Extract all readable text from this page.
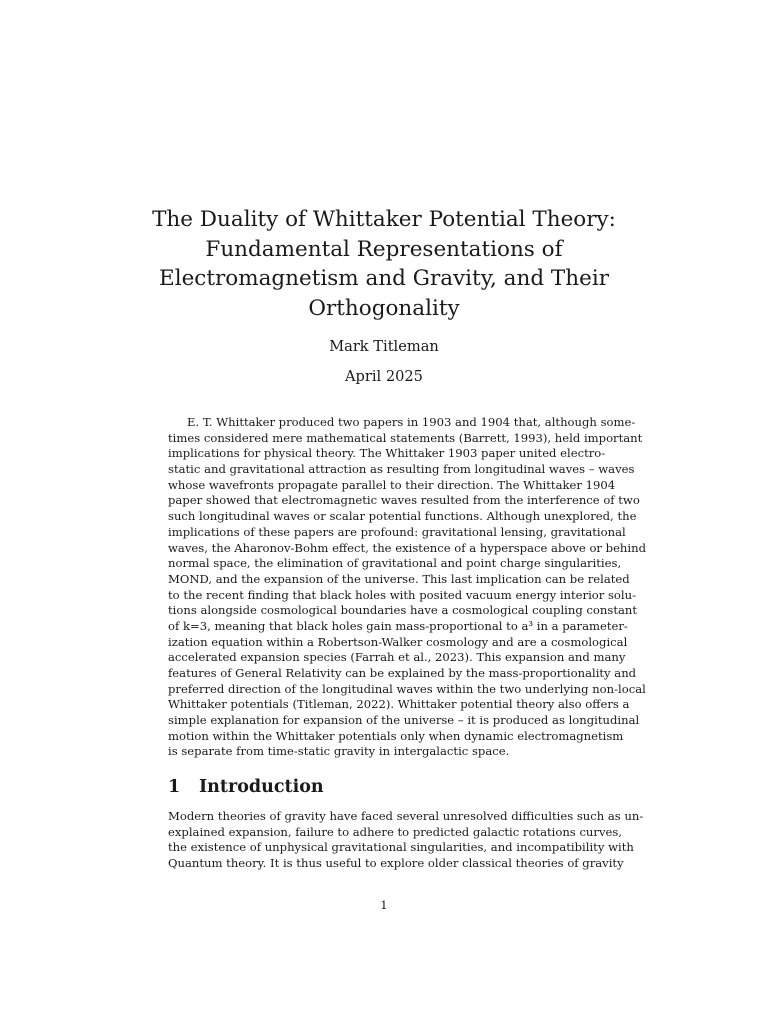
The Duality of Whittaker Potential Theory:
Fundamental Representations of
Electromagnetism and Gravity, and Their
Orthogonality
Mark Titleman
April 2025
E. T. Whittaker produced two papers in 1903 and 1904 that, although some-
times considered mere mathematical statements (Barrett, 1993), held important
implications for physical theory. The Whittaker 1903 paper united electro-
static and gravitational attraction as resulting from longitudinal waves – waves
whose wavefronts propagate parallel to their direction. The Whittaker 1904
paper showed that electromagnetic waves resulted from the interference of two
such longitudinal waves or scalar potential functions. Although unexplored, the
implications of these papers are profound: gravitational lensing, gravitational
waves, the Aharonov-Bohm effect, the existence of a hyperspace above or behind
normal space, the elimination of gravitational and point charge singularities,
MOND, and the expansion of the universe. This last implication can be related
to the recent finding that black holes with posited vacuum energy interior solu-
tions alongside cosmological boundaries have a cosmological coupling constant
of k=3, meaning that black holes gain mass-proportional to a³ in a parameter-
ization equation within a Robertson-Walker cosmology and are a cosmological
accelerated expansion species (Farrah et al., 2023). This expansion and many
features of General Relativity can be explained by the mass-proportionality and
preferred direction of the longitudinal waves within the two underlying non-local
Whittaker potentials (Titleman, 2022). Whittaker potential theory also offers a
simple explanation for expansion of the universe – it is produced as longitudinal
motion within the Whittaker potentials only when dynamic electromagnetism
is separate from time-static gravity in intergalactic space.
1 Introduction
Modern theories of gravity have faced several unresolved difficulties such as un-
explained expansion, failure to adhere to predicted galactic rotations curves,
the existence of unphysical gravitational singularities, and incompatibility with
Quantum theory. It is thus useful to explore older classical theories of gravity
1
